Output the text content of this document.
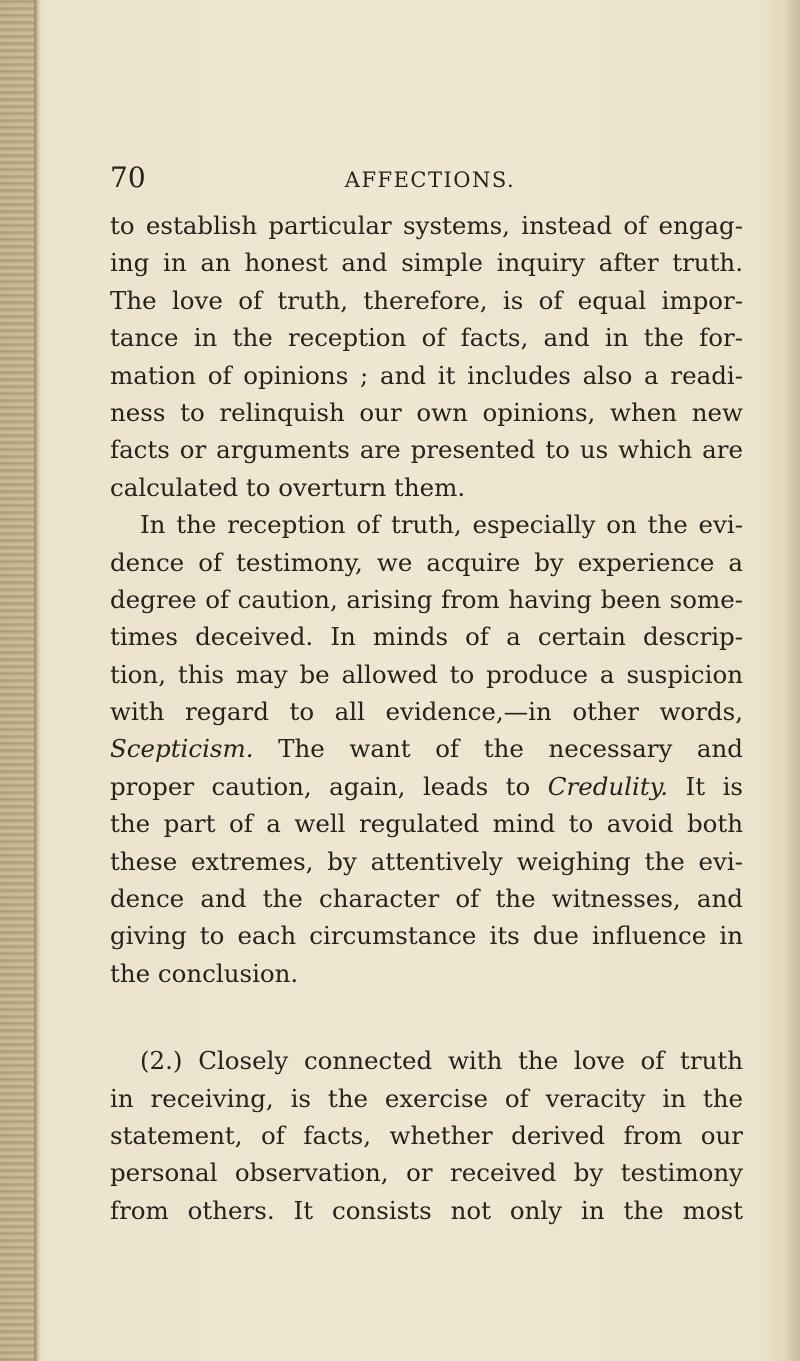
70	AFFECTIONS.
to establish particular systems, instead of engag-
ing in an honest and simple inquiry after truth.
The love of truth, therefore, is of equal impor-
tance in the reception of facts, and in the for-
mation of opinions ; and it includes also a readi-
ness to relinquish our own opinions, when new
facts or arguments are presented to us which are
calculated to overturn them.
In the reception of truth, especially on the evi-
dence of testimony, we acquire by experience a
degree of caution, arising from having been some-
times deceived. In minds of a certain descrip-
tion, this may be allowed to produce a suspicion
with regard to all evidence,—in other words,
Scepticism. The want of the necessary and
proper caution, again, leads to Credulity. It is
the part of a well regulated mind to avoid both
these extremes, by attentively weighing the evi-
dence and the character of the witnesses, and
giving to each circumstance its due influence in
the conclusion.
(2.) Closely connected with the love of truth
in receiving, is the exercise of veracity in the
statement, of facts, whether derived from our
personal observation, or received by testimony
from others. It consists not only in the most
